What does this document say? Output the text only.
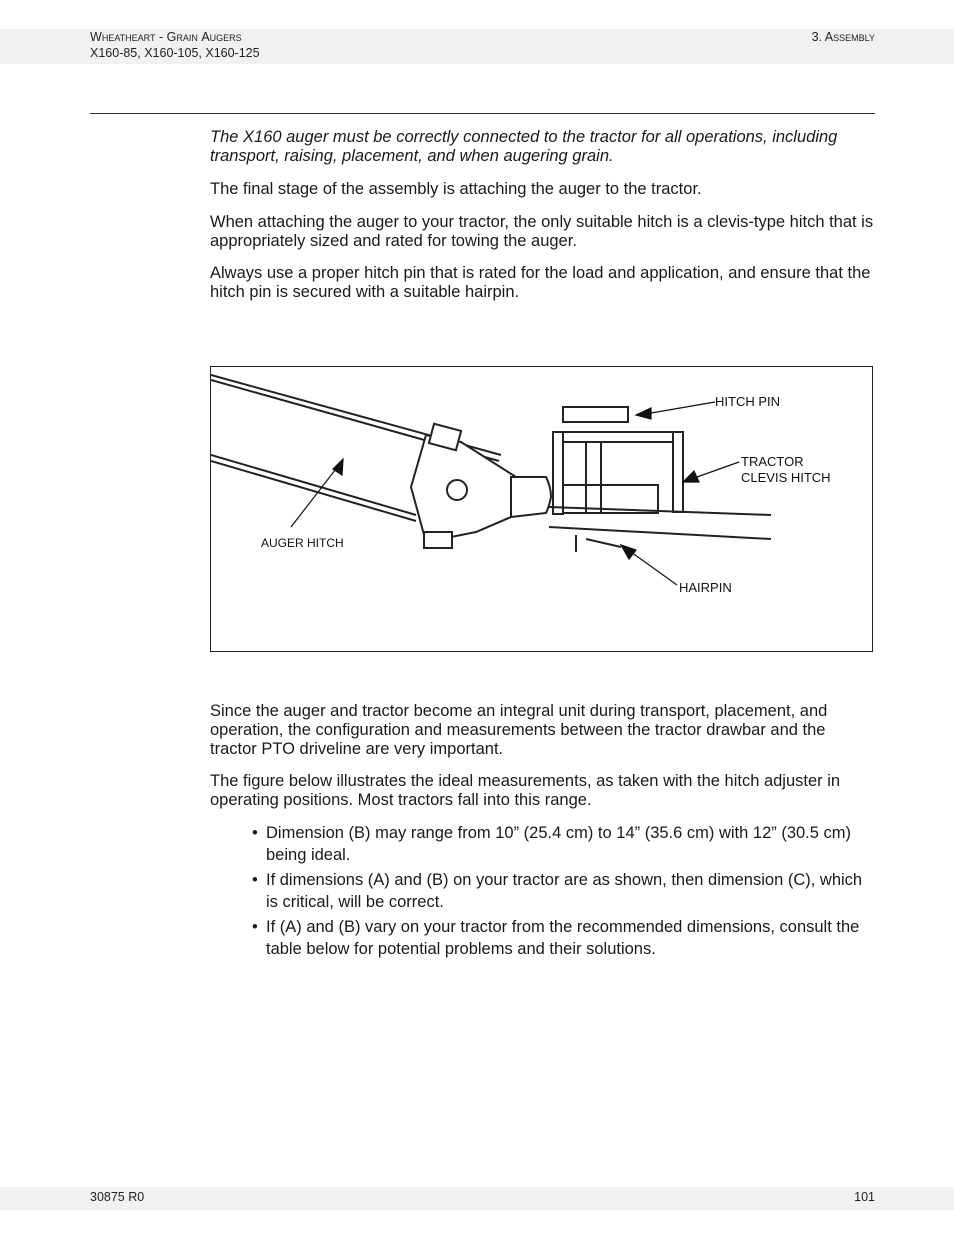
Wheatheart - Grain Augers
X160-85, X160-105, X160-125
3. Assembly

The X160 auger must be correctly connected to the tractor for all operations, including transport, raising, placement, and when augering grain.

The final stage of the assembly is attaching the auger to the tractor.

When attaching the auger to your tractor, the only suitable hitch is a clevis-type hitch that is appropriately sized and rated for towing the auger.

Always use a proper hitch pin that is rated for the load and application, and ensure that the hitch pin is secured with a suitable hairpin.

HITCH PIN
TRACTOR
CLEVIS HITCH
HAIRPIN
AUGER HITCH

Since the auger and tractor become an integral unit during transport, placement, and operation, the configuration and measurements between the tractor drawbar and the tractor PTO driveline are very important.

The figure below illustrates the ideal measurements, as taken with the hitch adjuster in operating positions. Most tractors fall into this range.

• Dimension (B) may range from 10” (25.4 cm) to 14” (35.6 cm) with 12” (30.5 cm) being ideal.
• If dimensions (A) and (B) on your tractor are as shown, then dimension (C), which is critical, will be correct.
• If (A) and (B) vary on your tractor from the recommended dimensions, consult the table below for potential problems and their solutions.
30875 R0	101
